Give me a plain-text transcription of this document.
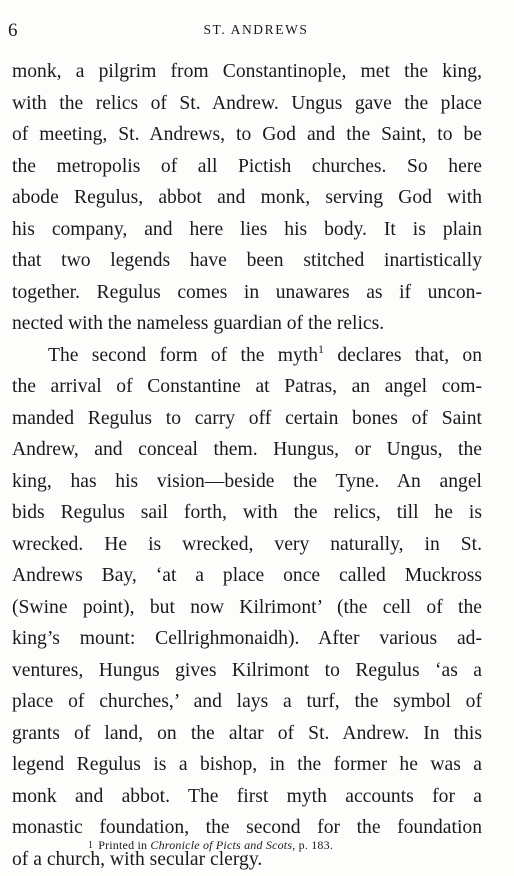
6	ST. ANDREWS
monk, a pilgrim from Constantinople, met the king,
with the relics of St. Andrew. Ungus gave the place
of meeting, St. Andrews, to God and the Saint, to be
the metropolis of all Pictish churches. So here
abode Regulus, abbot and monk, serving God with
his company, and here lies his body. It is plain
that two legends have been stitched inartistically
together. Regulus comes in unawares as if uncon-
nected with the nameless guardian of the relics.
The second form of the myth$^1$ declares that, on
the arrival of Constantine at Patras, an angel com-
manded Regulus to carry off certain bones of Saint
Andrew, and conceal them. Hungus, or Ungus, the
king, has his vision—beside the Tyne. An angel
bids Regulus sail forth, with the relics, till he is
wrecked. He is wrecked, very naturally, in St.
Andrews Bay, ‘at a place once called Muckross
(Swine point), but now Kilrimont’ (the cell of the
king’s mount: Cellrighmonaidh). After various ad-
ventures, Hungus gives Kilrimont to Regulus ‘as a
place of churches,’ and lays a turf, the symbol of
grants of land, on the altar of St. Andrew. In this
legend Regulus is a bishop, in the former he was a
monk and abbot. The first myth accounts for a
monastic foundation, the second for the foundation
of a church, with secular clergy.
$^1$ Printed in Chronicle of Picts and Scots, p. 183.
